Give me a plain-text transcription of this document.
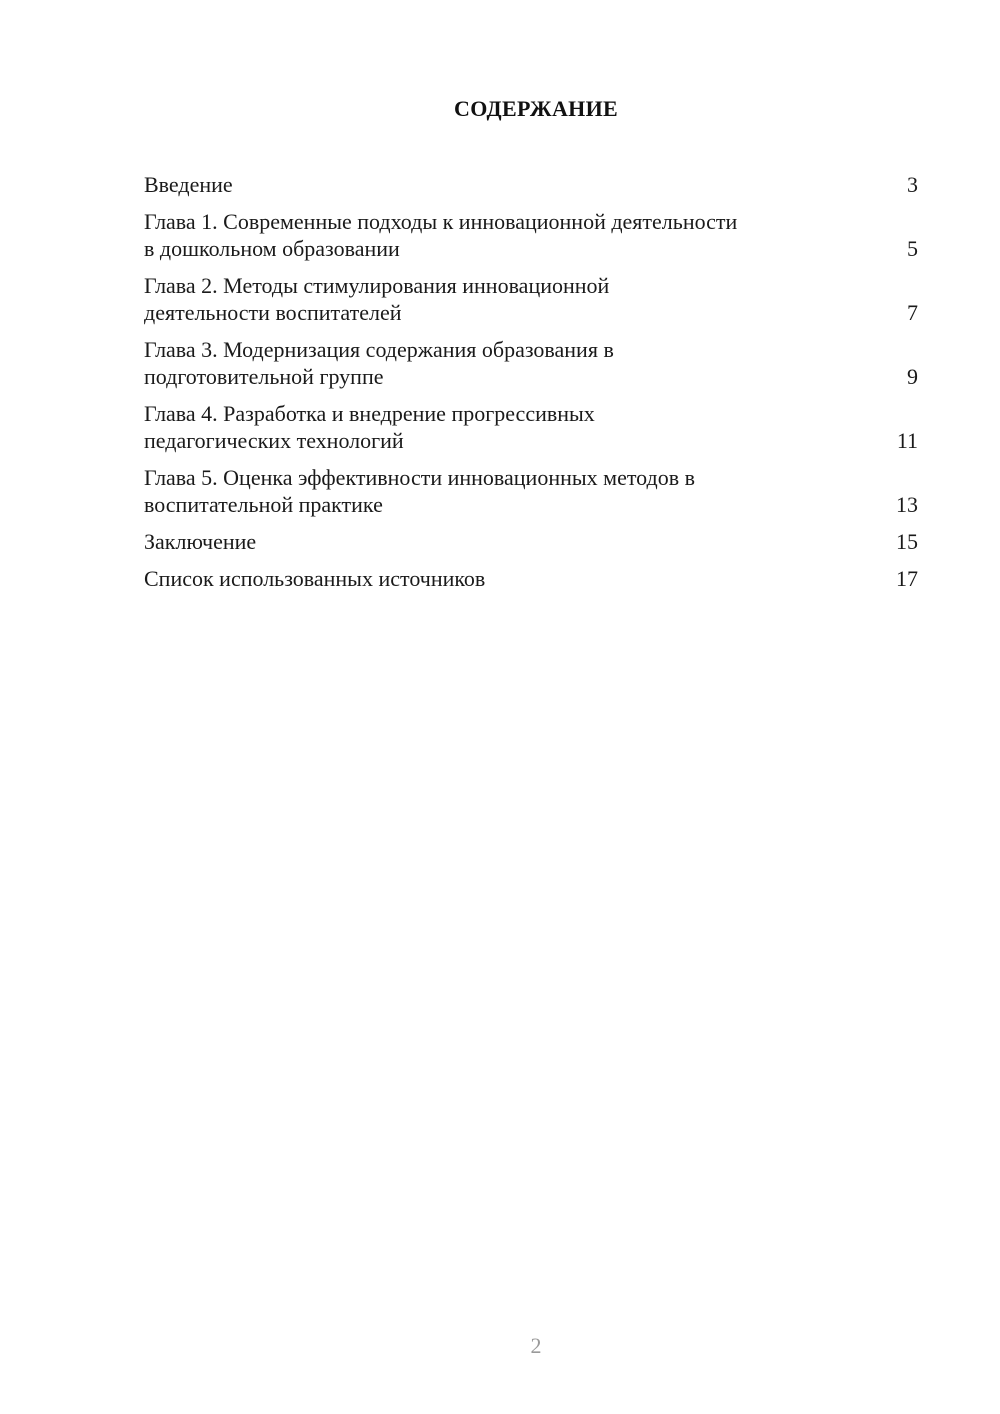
СОДЕРЖАНИЕ
Введение	3
Глава 1. Современные подходы к инновационной деятельности
в дошкольном образовании	5
Глава 2. Методы стимулирования инновационной
деятельности воспитателей	7
Глава 3. Модернизация содержания образования в
подготовительной группе	9
Глава 4. Разработка и внедрение прогрессивных
педагогических технологий	11
Глава 5. Оценка эффективности инновационных методов в
воспитательной практике	13
Заключение	15
Список использованных источников	17
2
